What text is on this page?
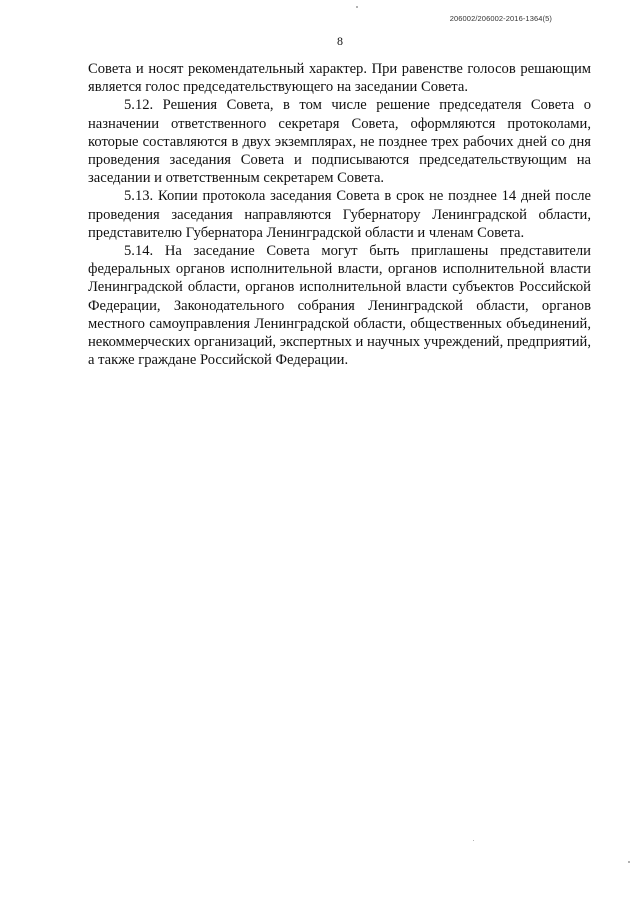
206002/206002-2016-1364(5)
8

Совета и носят рекомендательный характер. При равенстве голосов решающим является голос председательствующего на заседании Совета.

5.12. Решения Совета, в том числе решение председателя Совета о назначении ответственного секретаря Совета, оформляются протоколами, которые составляются в двух экземплярах, не позднее трех рабочих дней со дня проведения заседания Совета и подписываются председательствующим на заседании и ответственным секретарем Совета.

5.13. Копии протокола заседания Совета в срок не позднее 14 дней после проведения заседания направляются Губернатору Ленинградской области, представителю Губернатора Ленинградской области и членам Совета.

5.14. На заседание Совета могут быть приглашены представители федеральных органов исполнительной власти, органов исполнительной власти Ленинградской области, органов исполнительной власти субъектов Российской Федерации, Законодательного собрания Ленинградской области, органов местного самоуправления Ленинградской области, общественных объединений, некоммерческих организаций, экспертных и научных учреждений, предприятий, а также граждане Российской Федерации.
